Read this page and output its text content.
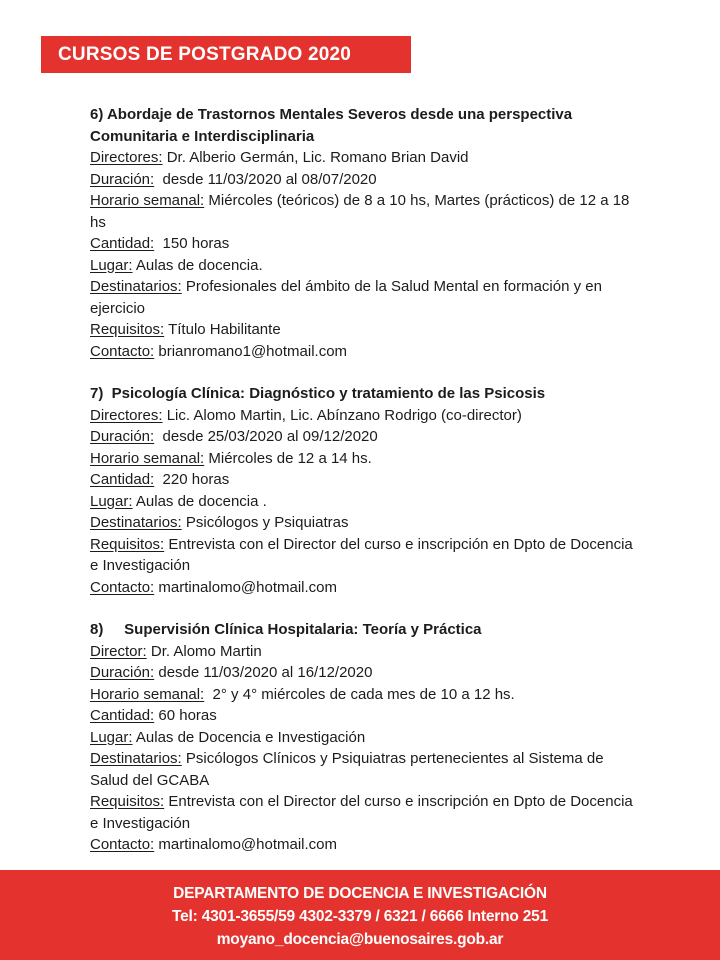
CURSOS DE POSTGRADO 2020
6) Abordaje de Trastornos Mentales Severos desde una perspectiva Comunitaria e Interdisciplinaria
Directores: Dr. Alberio Germán, Lic. Romano Brian David
Duración:  desde 11/03/2020 al 08/07/2020
Horario semanal: Miércoles (teóricos) de 8 a 10 hs, Martes (prácticos) de 12 a 18 hs
Cantidad:  150 horas
Lugar: Aulas de docencia.
Destinatarios: Profesionales del ámbito de la Salud Mental en formación y en ejercicio
Requisitos: Título Habilitante
Contacto: brianromano1@hotmail.com
7)  Psicología Clínica: Diagnóstico y tratamiento de las Psicosis
Directores: Lic. Alomo Martin, Lic. Abínzano Rodrigo (co-director)
Duración:  desde 25/03/2020 al 09/12/2020
Horario semanal: Miércoles de 12 a 14 hs.
Cantidad:  220 horas
Lugar: Aulas de docencia .
Destinatarios: Psicólogos y Psiquiatras
Requisitos: Entrevista con el Director del curso e inscripción en Dpto de Docencia e Investigación
Contacto: martinalomo@hotmail.com
8)     Supervisión Clínica Hospitalaria: Teoría y Práctica
Director: Dr. Alomo Martin
Duración: desde 11/03/2020 al 16/12/2020
Horario semanal:  2° y 4° miércoles de cada mes de 10 a 12 hs.
Cantidad: 60 horas
Lugar: Aulas de Docencia e Investigación
Destinatarios: Psicólogos Clínicos y Psiquiatras pertenecientes al Sistema de Salud del GCABA
Requisitos: Entrevista con el Director del curso e inscripción en Dpto de Docencia e Investigación
Contacto: martinalomo@hotmail.com
DEPARTAMENTO DE DOCENCIA E INVESTIGACIÓN
Tel: 4301-3655/59 4302-3379 / 6321 / 6666 Interno 251
moyano_docencia@buenosaires.gob.ar
